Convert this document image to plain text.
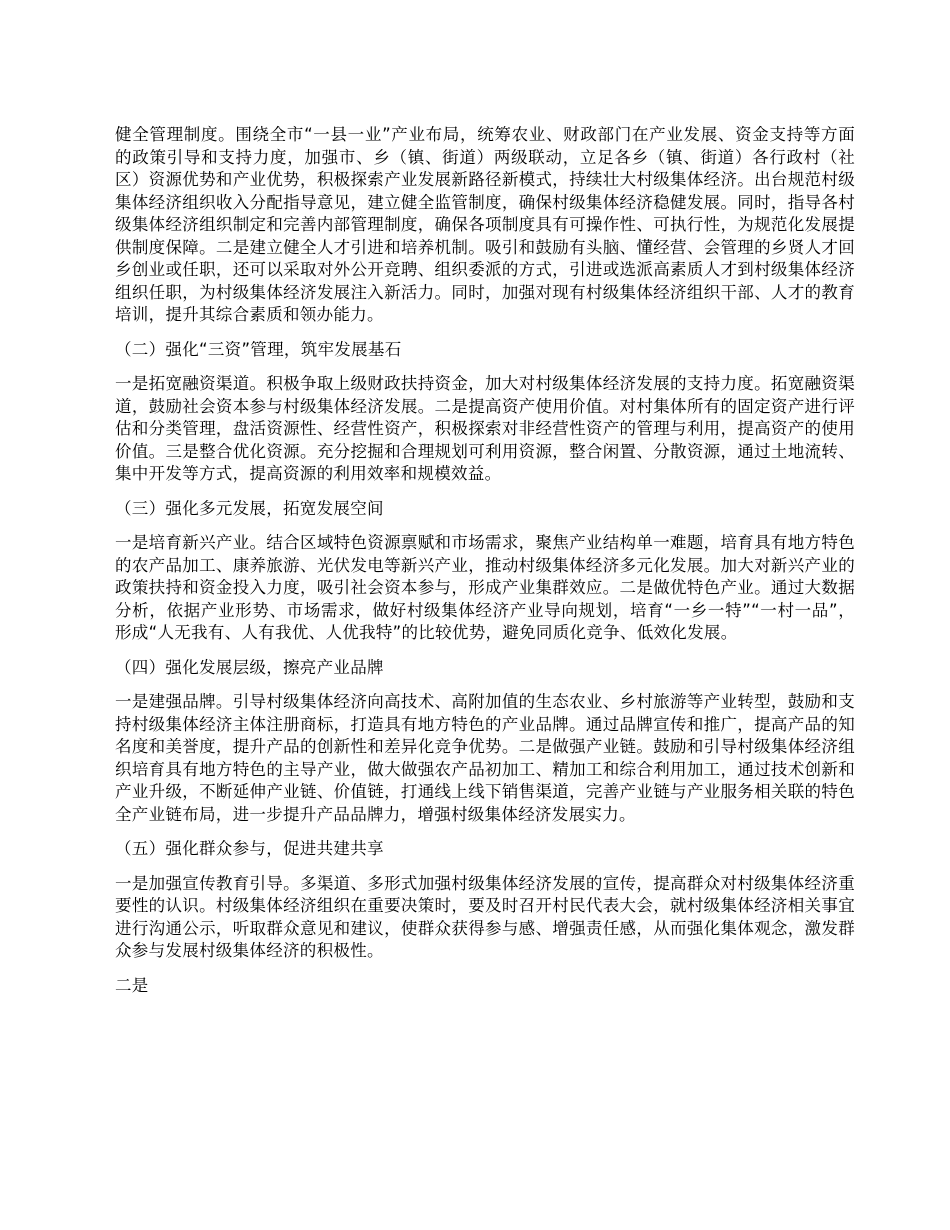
健全管理制度。围绕全市“一县一业”产业布局，统筹农业、财政部门在产业发展、资金支持等方面的政策引导和支持力度，加强市、乡（镇、街道）两级联动，立足各乡（镇、街道）各行政村（社区）资源优势和产业优势，积极探索产业发展新路径新模式，持续壮大村级集体经济。出台规范村级集体经济组织收入分配指导意见，建立健全监管制度，确保村级集体经济稳健发展。同时，指导各村级集体经济组织制定和完善内部管理制度，确保各项制度具有可操作性、可执行性，为规范化发展提供制度保障。二是建立健全人才引进和培养机制。吸引和鼓励有头脑、懂经营、会管理的乡贤人才回乡创业或任职，还可以采取对外公开竞聘、组织委派的方式，引进或选派高素质人才到村级集体经济组织任职，为村级集体经济发展注入新活力。同时，加强对现有村级集体经济组织干部、人才的教育培训，提升其综合素质和领办能力。

（二）强化“三资”管理，筑牢发展基石

一是拓宽融资渠道。积极争取上级财政扶持资金，加大对村级集体经济发展的支持力度。拓宽融资渠道，鼓励社会资本参与村级集体经济发展。二是提高资产使用价值。对村集体所有的固定资产进行评估和分类管理，盘活资源性、经营性资产，积极探索对非经营性资产的管理与利用，提高资产的使用价值。三是整合优化资源。充分挖掘和合理规划可利用资源，整合闲置、分散资源，通过土地流转、集中开发等方式，提高资源的利用效率和规模效益。

（三）强化多元发展，拓宽发展空间

一是培育新兴产业。结合区域特色资源禀赋和市场需求，聚焦产业结构单一难题，培育具有地方特色的农产品加工、康养旅游、光伏发电等新兴产业，推动村级集体经济多元化发展。加大对新兴产业的政策扶持和资金投入力度，吸引社会资本参与，形成产业集群效应。二是做优特色产业。通过大数据分析，依据产业形势、市场需求，做好村级集体经济产业导向规划，培育“一乡一特”“一村一品”，形成“人无我有、人有我优、人优我特”的比较优势，避免同质化竞争、低效化发展。

（四）强化发展层级，擦亮产业品牌

一是建强品牌。引导村级集体经济向高技术、高附加值的生态农业、乡村旅游等产业转型，鼓励和支持村级集体经济主体注册商标，打造具有地方特色的产业品牌。通过品牌宣传和推广，提高产品的知名度和美誉度，提升产品的创新性和差异化竞争优势。二是做强产业链。鼓励和引导村级集体经济组织培育具有地方特色的主导产业，做大做强农产品初加工、精加工和综合利用加工，通过技术创新和产业升级，不断延伸产业链、价值链，打通线上线下销售渠道，完善产业链与产业服务相关联的特色全产业链布局，进一步提升产品品牌力，增强村级集体经济发展实力。

（五）强化群众参与，促进共建共享

一是加强宣传教育引导。多渠道、多形式加强村级集体经济发展的宣传，提高群众对村级集体经济重要性的认识。村级集体经济组织在重要决策时，要及时召开村民代表大会，就村级集体经济相关事宜进行沟通公示，听取群众意见和建议，使群众获得参与感、增强责任感，从而强化集体观念，激发群众参与发展村级集体经济的积极性。

二是
